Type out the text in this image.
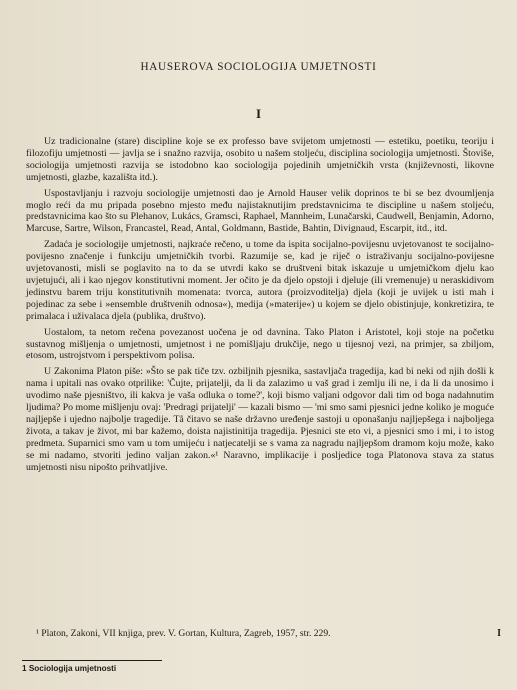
HAUSEROVA SOCIOLOGIJA UMJETNOSTI
I

Uz tradicionalne (stare) discipline koje se ex professo bave svijetom umjetnosti — estetiku, poetiku, teoriju i filozofiju umjetnosti — javlja se i snažno razvija, osobito u našem stoljeću, disciplina sociologija umjetnosti. Štoviše, sociologija umjetnosti razvija se istodobno kao sociologija pojedinih umjetničkih vrsta (književnosti, likovne umjetnosti, glazbe, kazališta itd.).

Uspostavljanju i razvoju sociologije umjetnosti dao je Arnold Hauser velik doprinos te bi se bez dvoumljenja moglo reći da mu pripada posebno mjesto među najistaknutijim predstavnicima te discipline u našem stoljeću, predstavnicima kao što su Plehanov, Lukács, Gramsci, Raphael, Mannheim, Lunačarski, Caudwell, Benjamin, Adorno, Marcuse, Sartre, Wilson, Francastel, Read, Antal, Goldmann, Bastide, Bahtin, Divignaud, Escarpit, itd., itd.

Zadaća je sociologije umjetnosti, najkraće rečeno, u tome da ispita socijalno-povijesnu uvjetovanost te socijalno-povijesno značenje i funkciju umjetničkih tvorbi. Razumije se, kad je riječ o istraživanju socijalno-povijesne uvjetovanosti, misli se poglavito na to da se utvrdi kako se društveni bitak iskazuje u umjetničkom djelu kao uvjetujući, ali i kao njegov konstitutivni moment. Jer očito je da djelo opstoji i djeluje (ili vremenuje) u neraskidivom jedinstvu barem triju konstitutivnih momenata: tvorca, autora (proizvoditelja) djela (koji je uvijek u isti mah i pojedinac za sebe i »ensemble društvenih odnosa«), medija (»materije«) u kojem se djelo obistinjuje, konkretizira, te primalaca i uživalaca djela (publika, društvo).

Uostalom, ta netom rečena povezanost uočena je od davnina. Tako Platon i Aristotel, koji stoje na početku sustavnog mišljenja o umjetnosti, umjetnost i ne pomišljaju drukčije, nego u tijesnoj vezi, na primjer, sa zbiljom, etosom, ustrojstvom i perspektivom polisa.

U Zakonima Platon piše: »Što se pak tiče tzv. ozbiljnih pjesnika, sastavljača tragedija, kad bi neki od njih došli k nama i upitali nas ovako otprilike: 'Čujte, prijatelji, da li da zalazimo u vaš grad i zemlju ili ne, i da li da unosimo i uvodimo naše pjesništvo, ili kakva je vaša odluka o tome?', koji bismo valjani odgovor dali tim od boga nadahnutim ljudima? Po mome mišljenju ovaj: 'Predragi prijatelji' — kazali bismo — 'mi smo sami pjesnici jedne koliko je moguće najljepše i ujedno najbolje tragedije. Tå čitavo se naše državno uređenje sastoji u oponašanju najljepšega i najboljega života, a takav je život, mi bar kažemo, doista najistinitija tragedija. Pjesnici ste eto vi, a pjesnici smo i mi, i to istog predmeta. Suparnici smo vam u tom umijeću i natjecatelji se s vama za nagradu najljepšom dramom koju može, kako se mi nadamo, stvoriti jedino valjan zakon.«¹ Naravno, implikacije i posljedice toga Platonova stava za status umjetnosti nisu nipošto prihvatljive.

¹ Platon, Zakoni, VII knjiga, prev. V. Gortan, Kultura, Zagreb, 1957, str. 229.	I
1 Sociologija umjetnosti
